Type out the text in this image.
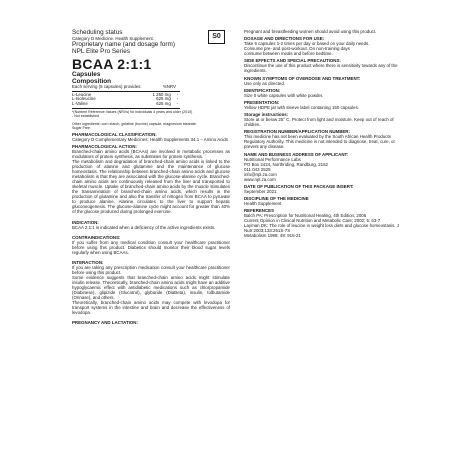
Scheduling status

Category D Medicine. Health Supplement.

Proprietary name (and dosage form)

NPL Elite Pro Series

BCAA 2:1:1

Capsules

Composition

Each serving (5 capsules) provides:		%NRV
L-Leucine	1 250 mg	-
L-Isoleucine	625 mg	-
L-Valine	625 mg	-

*(Nutrient Reference Values (NRVs) for individuals 4 years and older (2010)

- Not established

Other ingredients: corn starch, gelatine (bovine) capsule, magnesium stearate.

Sugar Free

PHARMACOLOGICAL CLASSIFICATION:

Category D Complementary Medicines: Health Supplements 34.1 – Amino Acids

PHARMACOLOGICAL ACTION:

Branched-chain amino acids (BCAAs) are involved in metabolic processes as modulators of protein synthesis, as substrates for protein synthesis.

The metabolism and degradation of branched-chain amino acids is linked to the production of alanine and glutamine and the maintenance of glucose homeostasis. The relationship between branched-chain amino acids and glucose metabolism is that they are associated with the glucose-alanine cycle. Branched-chain amino acids are continuously released from the liver and transported to skeletal muscle. Uptake of branched-chain amino acids by the muscle stimulates the transamination of branched-chain amino acids, which results in the production of glutamine and also the transfer of nitrogen from BCAA to pyruvate to produce alanine. Alanine circulates to the liver to support hepatic gluconeogenesis. The glucose-alanine cycle might account for greater than 40% of the glucose produced during prolonged exercise.

INDICATION:

BCAA 2:1:1 is indicated when a deficiency of the active ingredients exists.

CONTRAINDICATIONS:

If you suffer from any medical condition consult your healthcare practitioner before using this product. Diabetics should monitor their blood sugar levels regularly when using BCAAs.

INTERACTION:

If you are taking any prescription medication consult your healthcare practitioner before using this product.

Some evidence suggests that branched-chain amino acids might stimulate insulin release. Theoretically, branched-chain amino acids might have an additive hypoglycaemic effect with antidiabetic medications such as chlorpropamide (Diabinese), glipizide (Glucotrol), glyburide (DiaBeta), insulin, tolbutamide (Orinase), and others.

Theoretically, branched-chain amino acids may compete with levodopa for transport systems in the intestine and brain and decrease the effectiveness of levodopa.

PREGNANCY AND LACTATION:

S0

Pregnant and breastfeeding women should avoid using this product.

DOSAGE AND DIRECTIONS FOR USE:

Take 5 capsules 1-2 times per day or based on your daily needs.

Consume pre- and post-workout. On non-training days

consume between meals and before bedtime.

SIDE EFFECTS AND SPECIAL PRECAUTIONS:

Discontinue the use of this product where there is sensitivity towards any of the ingredients.

KNOWN SYMPTOMS OF OVERDOSE AND TREATMENT:

Use only as directed.

IDENTIFICATION:

Size 0 white capsules with white powder.

PRESENTATION:

Yellow HDPE jar with sleeve label containing 150 capsules.

Storage instructions:

Store at or below 25° C. Protect from light and moisture. Keep out of reach of children.

REGISTRATION NUMBER/APPLICATION NUMBER:

This medicine has not been evaluated by the South African Health Products Regulatory Authority. This medicine is not intended to diagnose, treat, cure, or prevent any disease.

NAME AND BUSINESS ADDRESS OF APPLICANT:

Nutritional Performance Labs

PO Box 2424, Northriding, Randburg, 2162

011 043 2525

info@npl.za.com

www.npl.za.com

DATE OF PUBLICATION OF THIS PACKAGE INSERT:

September 2021

DISCIPLINE OF THE MEDICINE

Health Supplement

REFERENCES

Balch PA: Prescription for Nutritional Healing, 4th Edition; 2006

Current Opinion in Clinical Nutrition and Metabolic Care; 2002; 5: 63-7

Layman DK: The role of leucine in weight loss diets and glucose homeostasis. J Nutr 2003;133:261S-7S

Metabolism 1998; 48: 915-21
